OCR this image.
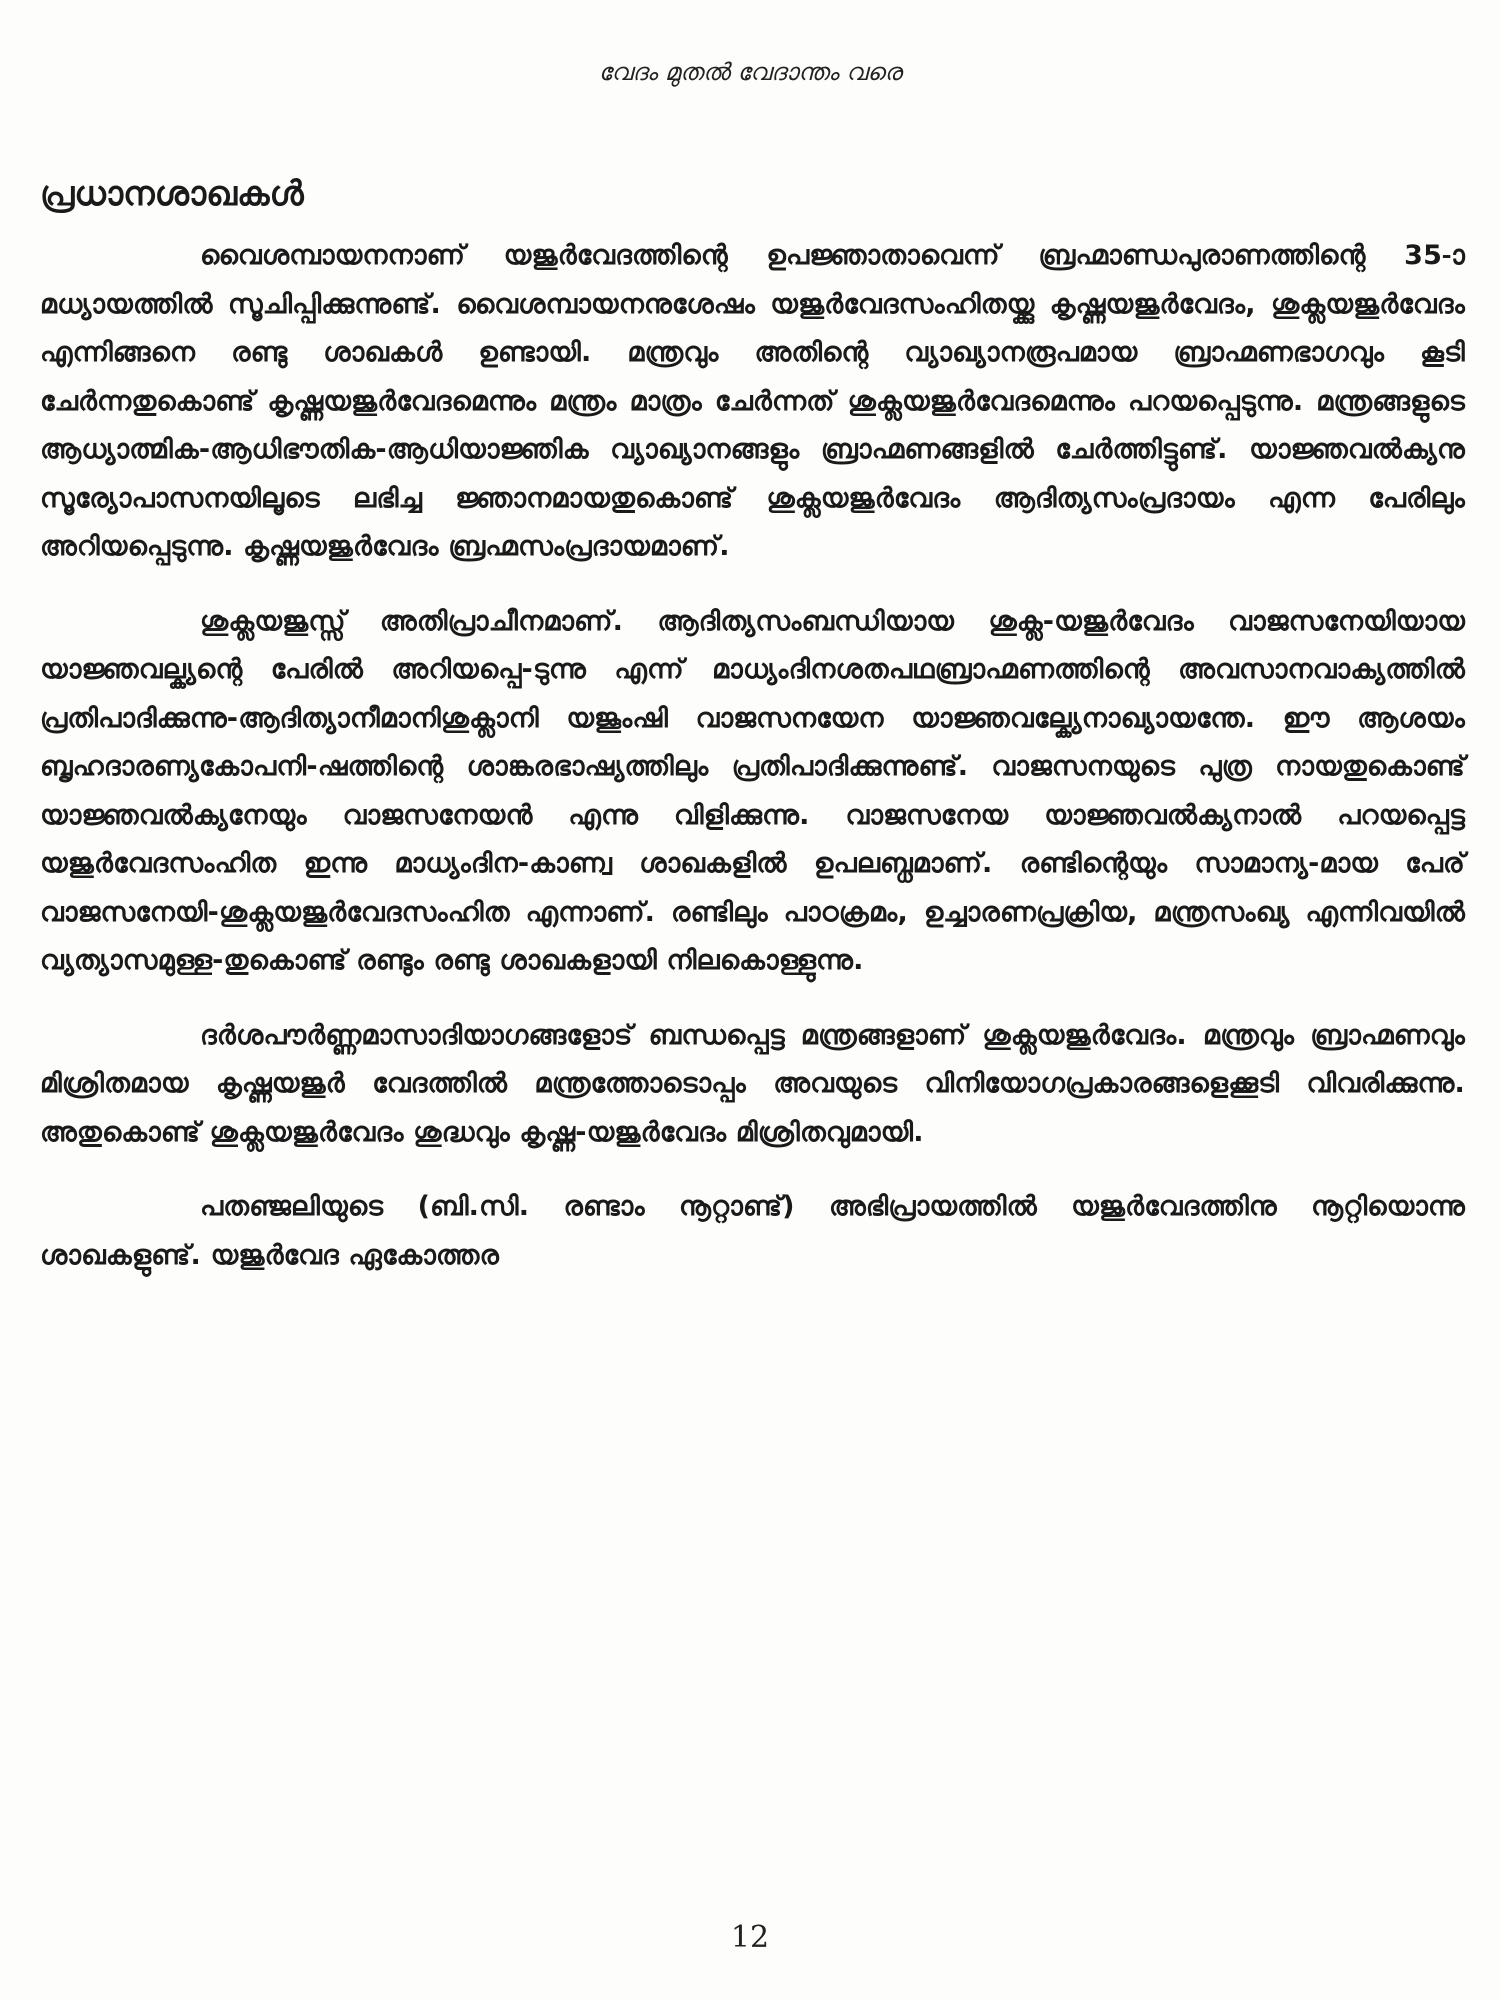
വേദം മുതൽ വേദാന്തം വരെ
പ്രധാനശാഖകൾ

വൈശമ്പായനനാണ് യജുർവേദത്തിന്റെ ഉപജ്ഞാതാവെന്ന് ബ്രഹ്മാണ്ഡപുരാണത്തിന്റെ 35-ാമധ്യായത്തിൽ സൂചിപ്പിക്കുന്നുണ്ട്. വൈശമ്പായനനുശേഷം യജുർവേദസംഹിതയ്ക്കു കൃഷ്ണയജുർവേദം, ശുക്ലയജുർവേദം എന്നിങ്ങനെ രണ്ടു ശാഖകൾ ഉണ്ടായി. മന്ത്രവും അതിന്റെ വ്യാഖ്യാനരൂപമായ ബ്രാഹ്മണഭാഗവും കൂടി ചേർന്നതുകൊണ്ട് കൃഷ്ണയജുർവേദമെന്നും മന്ത്രം മാത്രം ചേർന്നത് ശുക്ലയജുർവേദമെന്നും പറയപ്പെടുന്നു. മന്ത്രങ്ങളുടെ ആധ്യാത്മിക-ആധിഭൗതിക-ആധിയാജ്ഞിക വ്യാഖ്യാനങ്ങളും ബ്രാഹ്മണങ്ങളിൽ ചേർത്തിട്ടുണ്ട്. യാജ്ഞവൽക്യനു സൂര്യോപാസനയിലൂടെ ലഭിച്ച ജ്ഞാനമായതുകൊണ്ട് ശുക്ലയജുർവേദം ആദിത്യസംപ്രദായം എന്ന പേരിലും അറിയപ്പെടുന്നു. കൃഷ്ണയജുർവേദം ബ്രഹ്മസംപ്രദായമാണ്.

ശുക്ലയജുസ്സ് അതിപ്രാചീനമാണ്. ആദിത്യസംബന്ധിയായ ശുക്ല-യജുർവേദം വാജസനേയിയായ യാജ്ഞവല്ക്യന്റെ പേരിൽ അറിയപ്പെ-ടുന്നു എന്ന് മാധ്യംദിനശതപഥബ്രാഹ്മണത്തിന്റെ അവസാനവാക്യത്തിൽ പ്രതിപാദിക്കുന്നു-ആദിത്യാനീമാനിശുക്ലാനി യജൂംഷി വാജസനയേന യാജ്ഞവല്ക്യേനാഖ്യായന്തേ. ഈ ആശയം ബൃഹദാരണ്യകോപനി-ഷത്തിന്റെ ശാങ്കരഭാഷ്യത്തിലും പ്രതിപാദിക്കുന്നുണ്ട്. വാജസനയുടെ പുത്ര നായതുകൊണ്ട് യാജ്ഞവൽക്യനേയും വാജസനേയൻ എന്നു വിളിക്കുന്നു. വാജസനേയ യാജ്ഞവൽക്യനാൽ പറയപ്പെട്ട യജുർവേദസംഹിത ഇന്നു മാധ്യംദിന-കാണ്വ ശാഖകളിൽ ഉപലബ്ധമാണ്. രണ്ടിന്റെയും സാമാന്യ-മായ പേര് വാജസനേയി-ശുക്ലയജുർവേദസംഹിത എന്നാണ്. രണ്ടിലും പാഠക്രമം, ഉച്ചാരണപ്രക്രിയ, മന്ത്രസംഖ്യ എന്നിവയിൽ വ്യത്യാസമുള്ള-തുകൊണ്ട് രണ്ടും രണ്ടു ശാഖകളായി നിലകൊള്ളുന്നു.

ദർശപൗർണ്ണമാസാദിയാഗങ്ങളോട് ബന്ധപ്പെട്ട മന്ത്രങ്ങളാണ് ശുക്ലയജുർവേദം. മന്ത്രവും ബ്രാഹ്മണവും മിശ്രിതമായ കൃഷ്ണയജുർ വേദത്തിൽ മന്ത്രത്തോടൊപ്പം അവയുടെ വിനിയോഗപ്രകാരങ്ങളെക്കൂടി വിവരിക്കുന്നു. അതുകൊണ്ട് ശുക്ലയജുർവേദം ശുദ്ധവും കൃഷ്ണ-യജുർവേദം മിശ്രിതവുമായി.

പതഞ്ജലിയുടെ (ബി.സി. രണ്ടാം നൂറ്റാണ്ട്) അഭിപ്രായത്തിൽ യജുർവേദത്തിനു നൂറ്റിയൊന്നു ശാഖകളുണ്ട്. യജുർവേദ ഏകോത്തര

12
